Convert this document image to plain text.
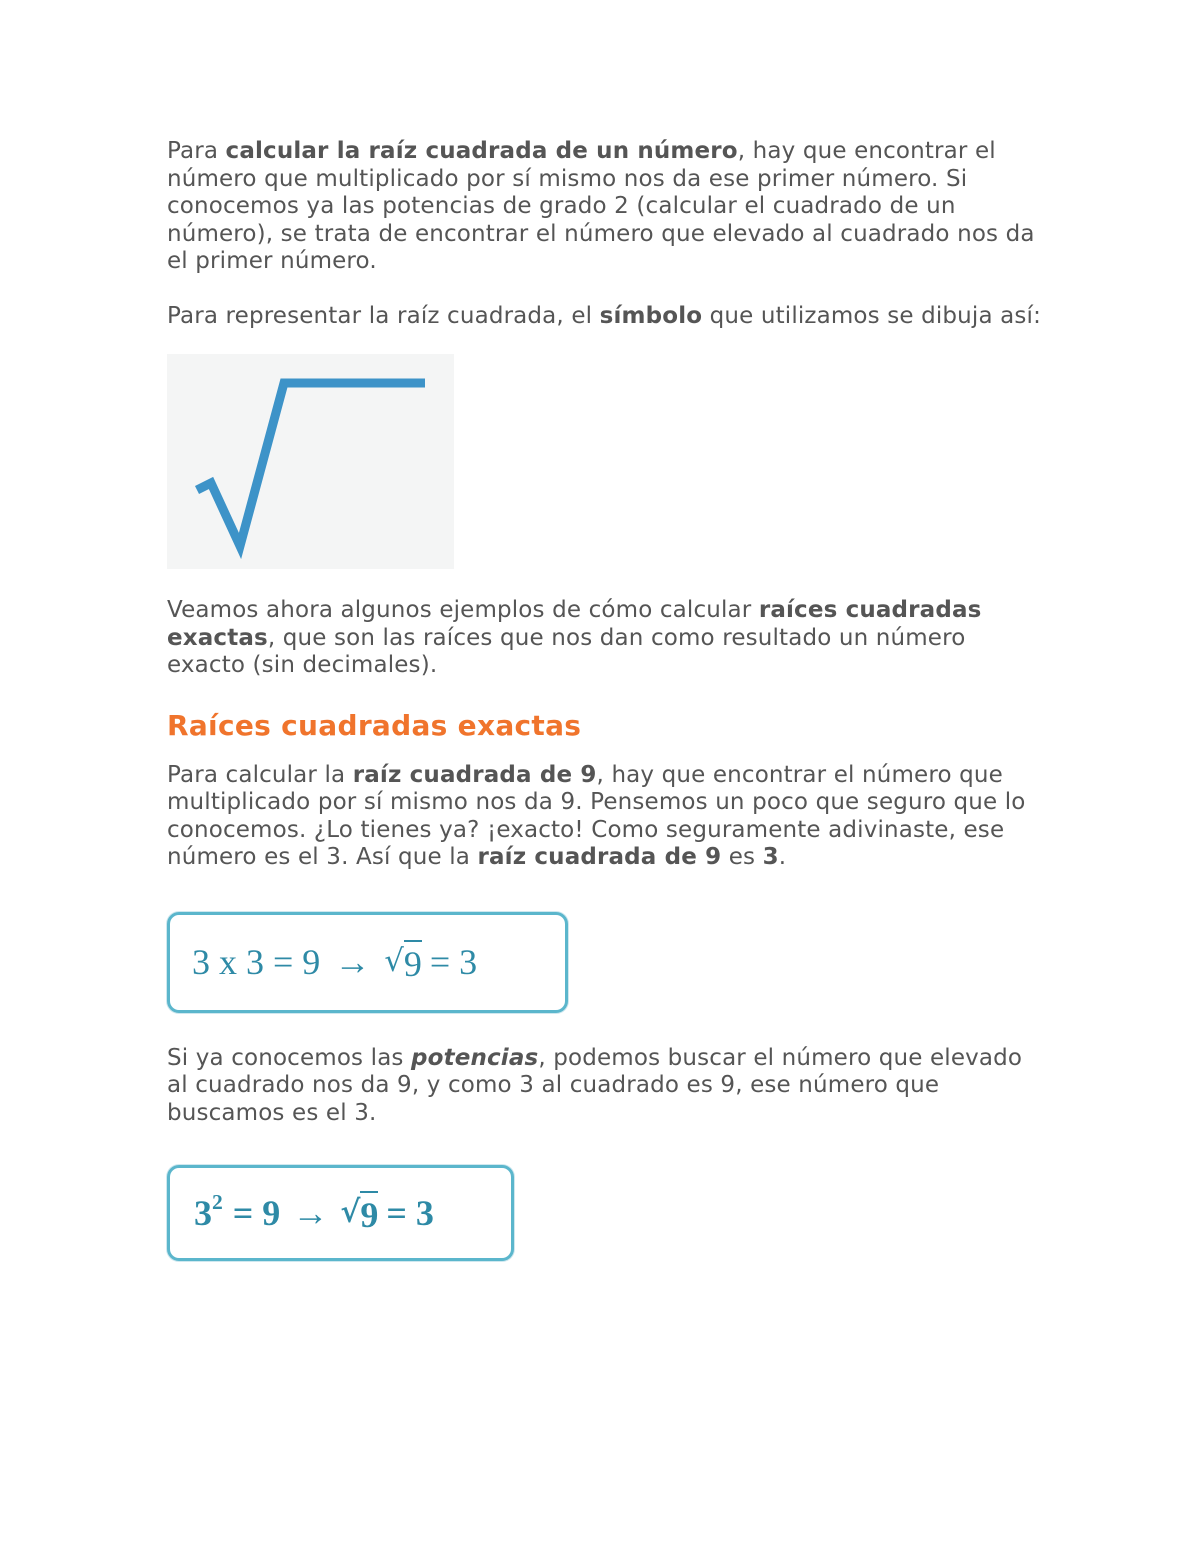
Para calcular la raíz cuadrada de un número, hay que encontrar el número que multiplicado por sí mismo nos da ese primer número. Si conocemos ya las potencias de grado 2 (calcular el cuadrado de un número), se trata de encontrar el número que elevado al cuadrado nos da el primer número.

Para representar la raíz cuadrada, el símbolo que utilizamos se dibuja así:

Veamos ahora algunos ejemplos de cómo calcular raíces cuadradas exactas, que son las raíces que nos dan como resultado un número exacto (sin decimales).

Raíces cuadradas exactas

Para calcular la raíz cuadrada de 9, hay que encontrar el número que multiplicado por sí mismo nos da 9. Pensemos un poco que seguro que lo conocemos. ¿Lo tienes ya? ¡exacto! Como seguramente adivinaste, ese número es el 3. Así que la raíz cuadrada de 9 es 3.

3 x 3 = 9 → √ 9 = 3

Si ya conocemos las potencias, podemos buscar el número que elevado al cuadrado nos da 9, y como 3 al cuadrado es 9, ese número que buscamos es el 3.

$3^2 = 9$ → √ 9 = 3
